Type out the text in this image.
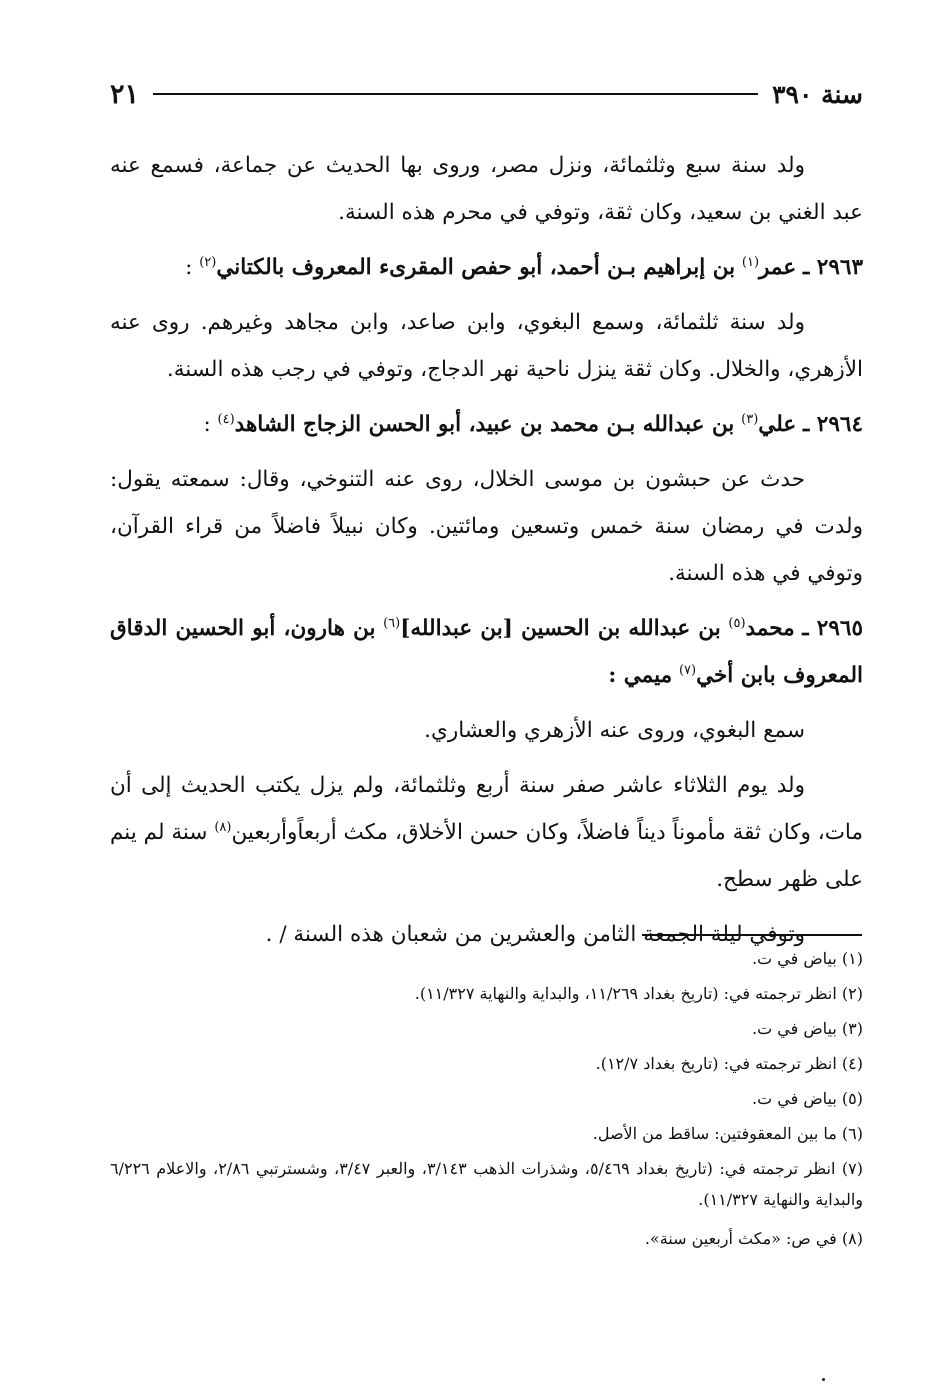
سنة ٣٩٠
٢١

ولد سنة سبع وثلثمائة، ونزل مصر، وروى بها الحديث عن جماعة، فسمع عنه عبد الغني بن سعيد، وكان ثقة، وتوفي في محرم هذه السنة.

٢٩٦٣ ـ عمر$^{(١)}$ بن إبراهيم بـن أحمد، أبو حفص المقرىء المعروف بالكتاني$^{(٢)}$ :

ولد سنة ثلثمائة، وسمع البغوي، وابن صاعد، وابن مجاهد وغيرهم. روى عنه الأزهري، والخلال. وكان ثقة ينزل ناحية نهر الدجاج، وتوفي في رجب هذه السنة.

٢٩٦٤ ـ علي$^{(٣)}$ بن عبدالله بـن محمد بن عبيد، أبو الحسن الزجاج الشاهد$^{(٤)}$ :

حدث عن حبشون بن موسى الخلال، روى عنه التنوخي، وقال: سمعته يقول: ولدت في رمضان سنة خمس وتسعين ومائتين. وكان نبيلاً فاضلاً من قراء القرآن، وتوفي في هذه السنة.

٢٩٦٥ ـ محمد$^{(٥)}$ بن عبدالله بن الحسين [بن عبدالله]$^{(٦)}$ بن هارون، أبو الحسين الدقاق المعروف بابن أخي$^{(٧)}$ ميمي :

سمع البغوي، وروى عنه الأزهري والعشاري.

ولد يوم الثلاثاء عاشر صفر سنة أربع وثلثمائة، ولم يزل يكتب الحديث إلى أن مات، وكان ثقة مأموناً ديناً فاضلاً، وكان حسن الأخلاق، مكث أربعاًوأربعين$^{(٨)}$ سنة لم ينم على ظهر سطح.

وتوفي ليلة الجمعة الثامن والعشرين من شعبان هذه السنة / .

(١) بياض في ت.

(٢) انظر ترجمته في: (تاريخ بغداد ١١/٢٦٩، والبداية والنهاية ١١/٣٢٧).

(٣) بياض في ت.

(٤) انظر ترجمته في: (تاريخ بغداد ١٢/٧).

(٥) بياض في ت.

(٦) ما بين المعقوفتين: ساقط من الأصل.

(٧) انظر ترجمته في: (تاريخ بغداد ٥/٤٦٩، وشذرات الذهب ٣/١٤٣، والعبر ٣/٤٧، وشسترتبي ٢/٨٦، والاعلام ٦/٢٢٦ والبداية والنهاية ١١/٣٢٧).

(٨) في ص: «مكث أربعين سنة».
